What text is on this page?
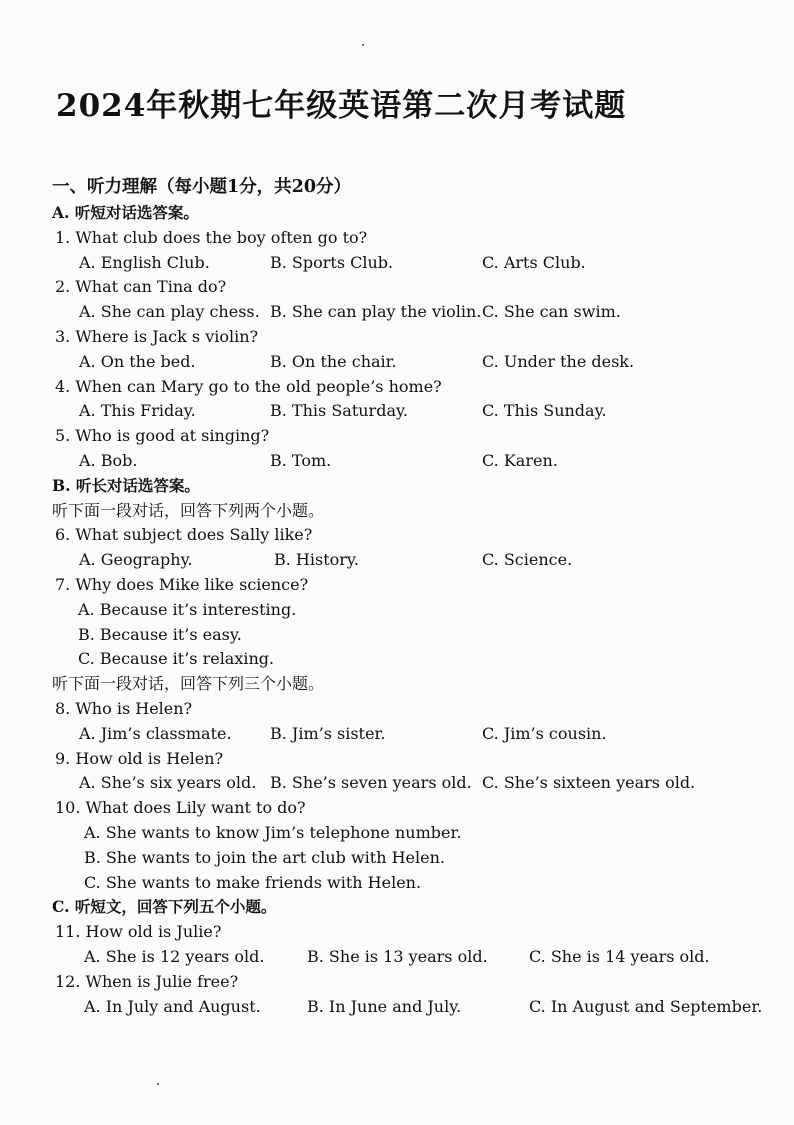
2024年秋期七年级英语第二次月考试题
一、听力理解（每小题1分，共20分）
A. 听短对话选答案。
1. What club does the boy often go to?
A. English Club.	B. Sports Club.	C. Arts Club.
2. What can Tina do?
A. She can play chess. B. She can play the violin. C. She can swim.
3. Where is Jack s violin?
A. On the bed.	B. On the chair.	C. Under the desk.
4. When can Mary go to the old people’s home?
A. This Friday.	B. This Saturday.	C. This Sunday.
5. Who is good at singing?
A. Bob.	B. Tom.	C. Karen.
B. 听长对话选答案。
听下面一段对话，回答下列两个小题。
6. What subject does Sally like?
A. Geography.	B. History.	C. Science.
7. Why does Mike like science?
A. Because it’s interesting.
B. Because it’s easy.
C. Because it’s relaxing.
听下面一段对话，回答下列三个小题。
8. Who is Helen?
A. Jim’s classmate. B. Jim’s sister.	C. Jim’s cousin.
9. How old is Helen?
A. She’s six years old. B. She’s seven years old. C. She’s sixteen years old.
10. What does Lily want to do?
A. She wants to know Jim’s telephone number.
B. She wants to join the art club with Helen.
C. She wants to make friends with Helen.
C. 听短文，回答下列五个小题。
11. How old is Julie?
A. She is 12 years old.	B. She is 13 years old.	C. She is 14 years old.
12. When is Julie free?
A. In July and August.	B. In June and July.	C. In August and September.
